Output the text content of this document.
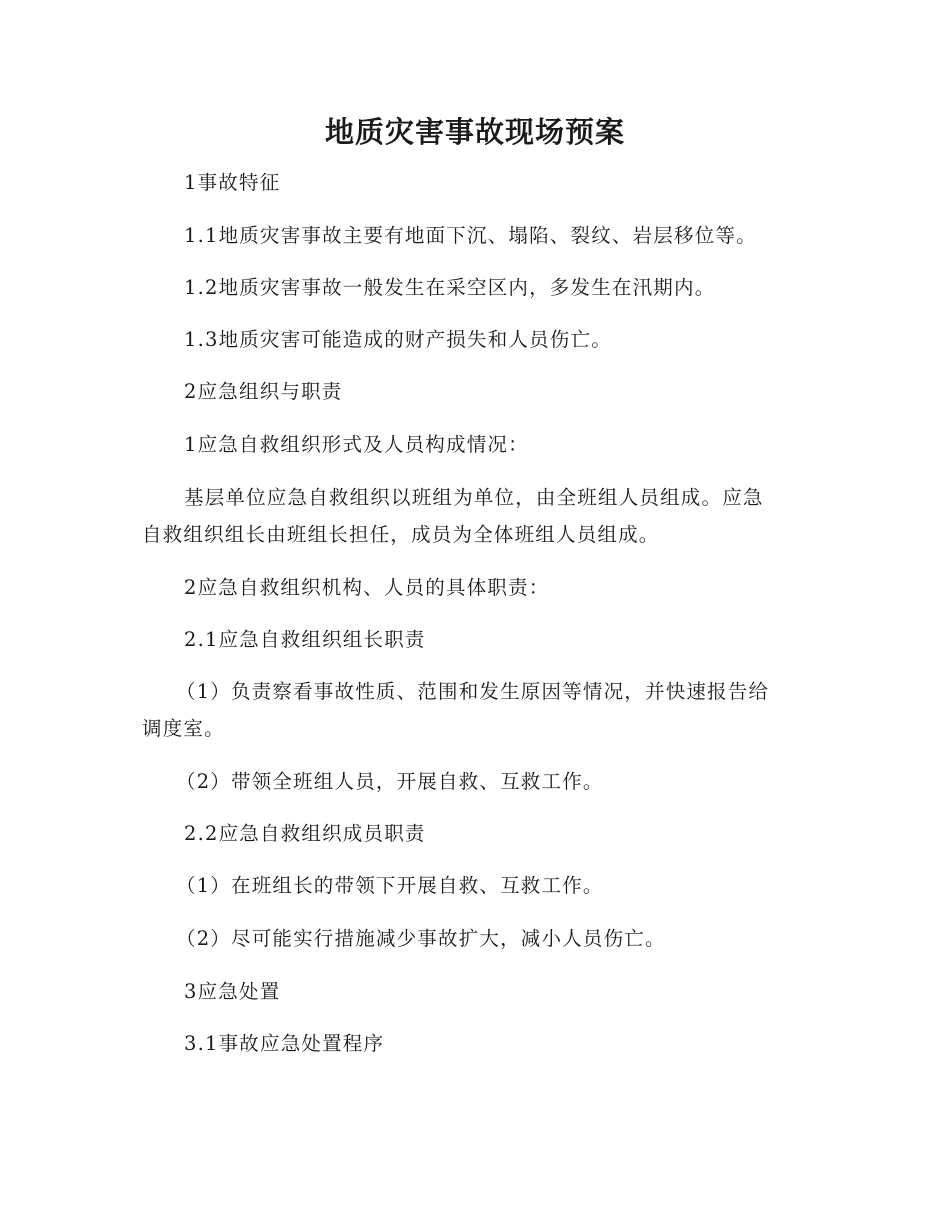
地质灾害事故现场预案
1事故特征
1.1地质灾害事故主要有地面下沉、塌陷、裂纹、岩层移位等。
1.2地质灾害事故一般发生在采空区内，多发生在汛期内。
1.3地质灾害可能造成的财产损失和人员伤亡。
2应急组织与职责
1应急自救组织形式及人员构成情况：
基层单位应急自救组织以班组为单位，由全班组人员组成。应急
自救组织组长由班组长担任，成员为全体班组人员组成。
2应急自救组织机构、人员的具体职责：
2.1应急自救组织组长职责
（1）负责察看事故性质、范围和发生原因等情况，并快速报告给
调度室。
（2）带领全班组人员，开展自救、互救工作。
2.2应急自救组织成员职责
（1）在班组长的带领下开展自救、互救工作。
（2）尽可能实行措施减少事故扩大，减小人员伤亡。
3应急处置
3.1事故应急处置程序
